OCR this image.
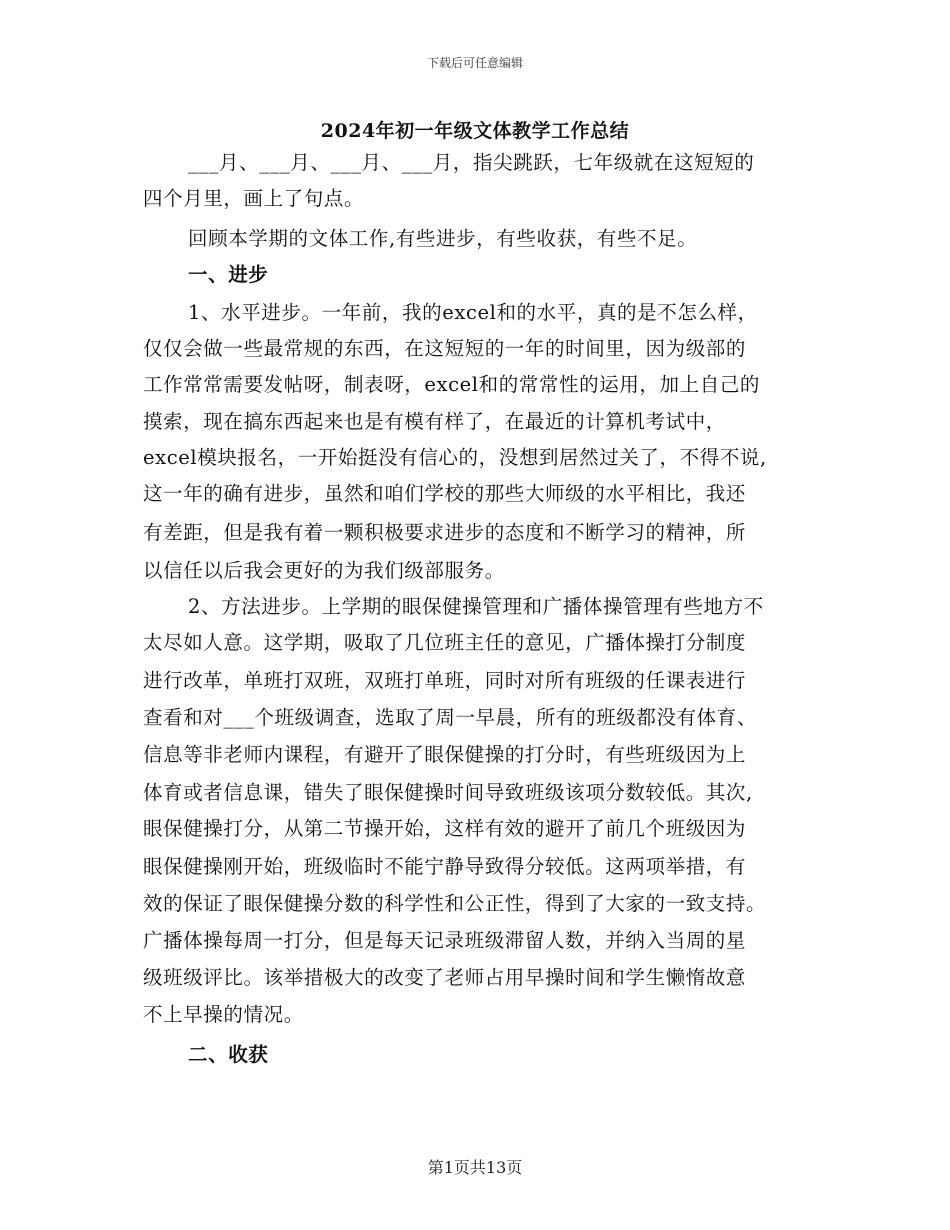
下载后可任意编辑
2024年初一年级文体教学工作总结
___月、___月、___月、___月，指尖跳跃，七年级就在这短短的
四个月里，画上了句点。
回顾本学期的文体工作,有些进步，有些收获，有些不足。
一、进步
1、水平进步。一年前，我的excel和的水平，真的是不怎么样，
仅仅会做一些最常规的东西，在这短短的一年的时间里，因为级部的
工作常常需要发帖呀，制表呀，excel和的常常性的运用，加上自己的
摸索，现在搞东西起来也是有模有样了，在最近的计算机考试中，
excel模块报名，一开始挺没有信心的，没想到居然过关了，不得不说,
这一年的确有进步，虽然和咱们学校的那些大师级的水平相比，我还
有差距，但是我有着一颗积极要求进步的态度和不断学习的精神，所
以信任以后我会更好的为我们级部服务。
2、方法进步。上学期的眼保健操管理和广播体操管理有些地方不
太尽如人意。这学期，吸取了几位班主任的意见，广播体操打分制度
进行改革，单班打双班，双班打单班，同时对所有班级的任课表进行
查看和对___个班级调查，选取了周一早晨，所有的班级都没有体育、
信息等非老师内课程，有避开了眼保健操的打分时，有些班级因为上
体育或者信息课，错失了眼保健操时间导致班级该项分数较低。其次,
眼保健操打分，从第二节操开始，这样有效的避开了前几个班级因为
眼保健操刚开始，班级临时不能宁静导致得分较低。这两项举措，有
效的保证了眼保健操分数的科学性和公正性，得到了大家的一致支持。
广播体操每周一打分，但是每天记录班级滞留人数，并纳入当周的星
级班级评比。该举措极大的改变了老师占用早操时间和学生懒惰故意
不上早操的情况。
二、收获
第1页共13页
